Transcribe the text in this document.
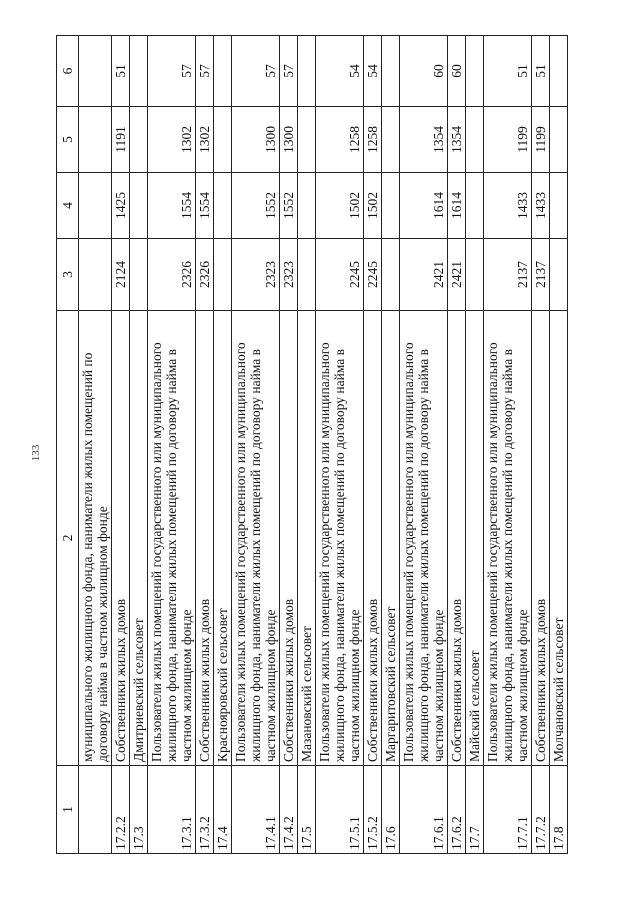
133
1	2	3	4	5	6
	муниципального жилищного фонда, наниматели жилых помещений по договору найма в частном жилищном фонде				
17.2.2	Собственники жилых домов	2124	1425	1191	51
17.3	Дмитриевский сельсовет				
17.3.1	Пользователи жилых помещений государственного или муниципального жилищного фонда, наниматели жилых помещений по договору найма в частном жилищном фонде	2326	1554	1302	57
17.3.2	Собственники жилых домов	2326	1554	1302	57
17.4	Краснояровский сельсовет				
17.4.1	Пользователи жилых помещений государственного или муниципального жилищного фонда, наниматели жилых помещений по договору найма в частном жилищном фонде	2323	1552	1300	57
17.4.2	Собственники жилых домов	2323	1552	1300	57
17.5	Мазановский сельсовет				
17.5.1	Пользователи жилых помещений государственного или муниципального жилищного фонда, наниматели жилых помещений по договору найма в частном жилищном фонде	2245	1502	1258	54
17.5.2	Собственники жилых домов	2245	1502	1258	54
17.6	Маргаритовский сельсовет				
17.6.1	Пользователи жилых помещений государственного или муниципального жилищного фонда, наниматели жилых помещений по договору найма в частном жилищном фонде	2421	1614	1354	60
17.6.2	Собственники жилых домов	2421	1614	1354	60
17.7	Майский сельсовет				
17.7.1	Пользователи жилых помещений государственного или муниципального жилищного фонда, наниматели жилых помещений по договору найма в частном жилищном фонде	2137	1433	1199	51
17.7.2	Собственники жилых домов	2137	1433	1199	51
17.8	Молчановский сельсовет				
